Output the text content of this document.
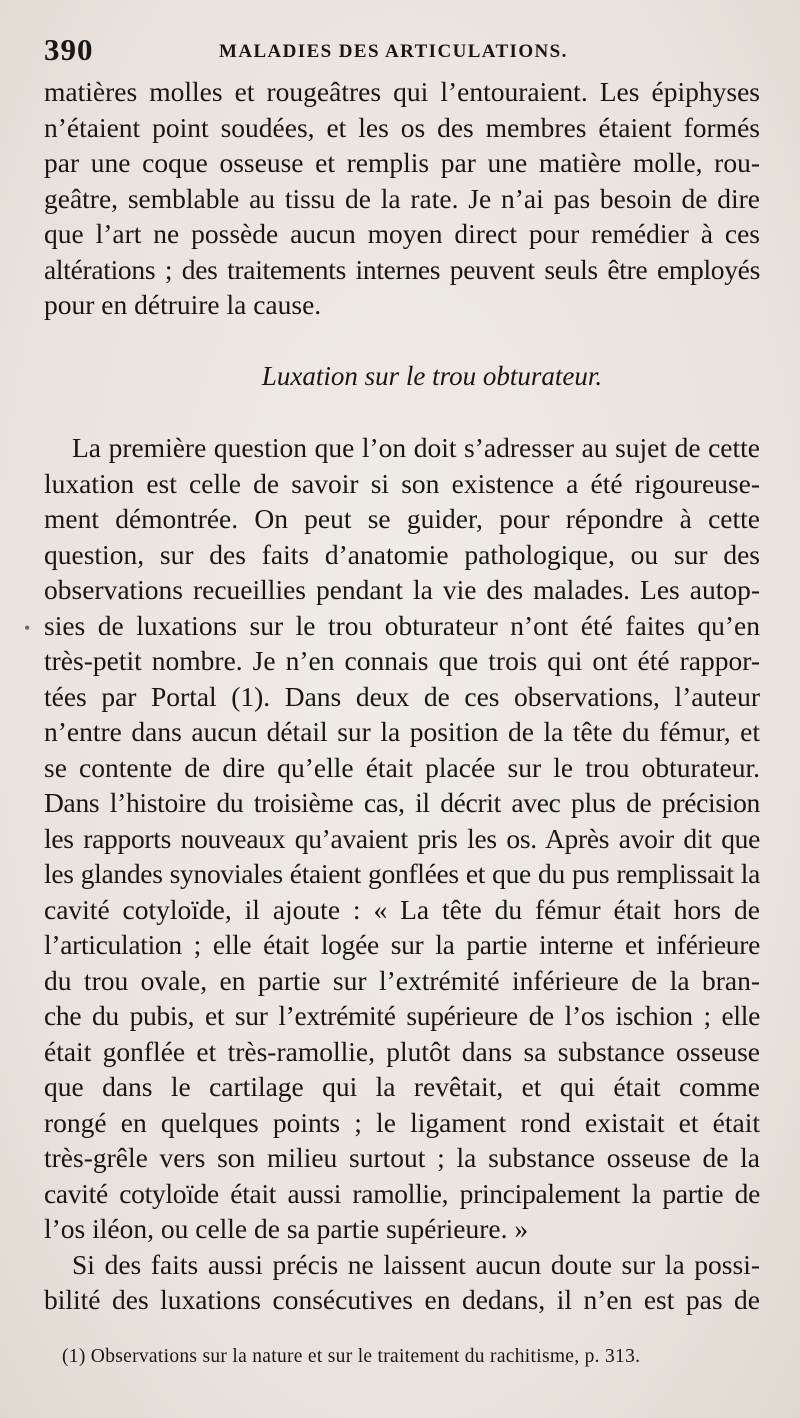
390	MALADIES DES ARTICULATIONS.
•
matières molles et rougeâtres qui l’entouraient. Les épiphyses
n’étaient point soudées, et les os des membres étaient formés
par une coque osseuse et remplis par une matière molle, rou-
geâtre, semblable au tissu de la rate. Je n’ai pas besoin de dire
que l’art ne possède aucun moyen direct pour remédier à ces
altérations ; des traitements internes peuvent seuls être employés
pour en détruire la cause.
Luxation sur le trou obturateur.
La première question que l’on doit s’adresser au sujet de cette
luxation est celle de savoir si son existence a été rigoureuse-
ment démontrée. On peut se guider, pour répondre à cette
question, sur des faits d’anatomie pathologique, ou sur des
observations recueillies pendant la vie des malades. Les autop-
sies de luxations sur le trou obturateur n’ont été faites qu’en
très-petit nombre. Je n’en connais que trois qui ont été rappor-
tées par Portal (1). Dans deux de ces observations, l’auteur
n’entre dans aucun détail sur la position de la tête du fémur, et
se contente de dire qu’elle était placée sur le trou obturateur.
Dans l’histoire du troisième cas, il décrit avec plus de précision
les rapports nouveaux qu’avaient pris les os. Après avoir dit que
les glandes synoviales étaient gonflées et que du pus remplissait la
cavité cotyloïde, il ajoute : « La tête du fémur était hors de
l’articulation ; elle était logée sur la partie interne et inférieure
du trou ovale, en partie sur l’extrémité inférieure de la bran-
che du pubis, et sur l’extrémité supérieure de l’os ischion ; elle
était gonflée et très-ramollie, plutôt dans sa substance osseuse
que dans le cartilage qui la revêtait, et qui était comme
rongé en quelques points ; le ligament rond existait et était
très-grêle vers son milieu surtout ; la substance osseuse de la
cavité cotyloïde était aussi ramollie, principalement la partie de
l’os iléon, ou celle de sa partie supérieure. »
Si des faits aussi précis ne laissent aucun doute sur la possi-
bilité des luxations consécutives en dedans, il n’en est pas de
(1) Observations sur la nature et sur le traitement du rachitisme, p. 313.
